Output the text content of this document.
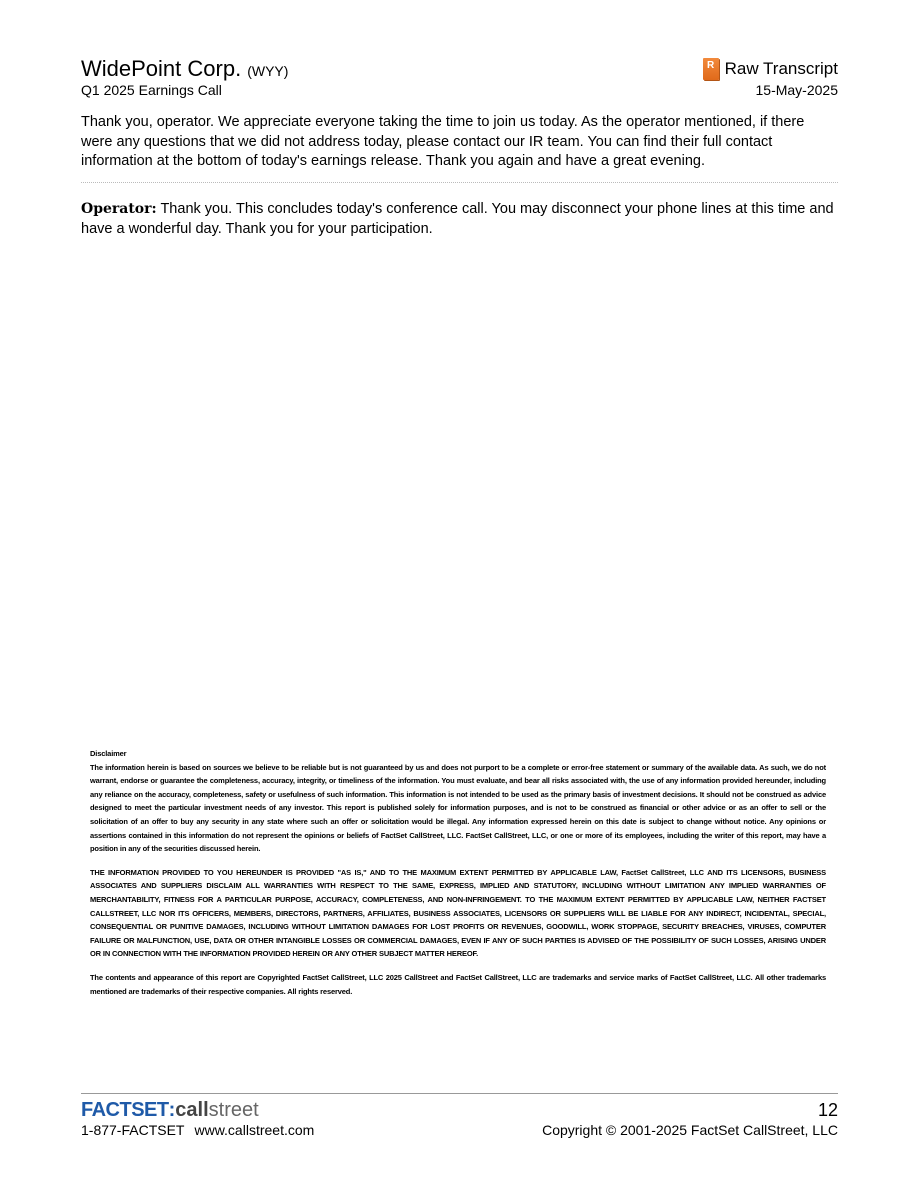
WidePoint Corp. (WYY)
Q1 2025 Earnings Call
R Raw Transcript
15-May-2025
Thank you, operator. We appreciate everyone taking the time to join us today. As the operator mentioned, if there were any questions that we did not address today, please contact our IR team. You can find their full contact information at the bottom of today's earnings release. Thank you again and have a great evening.
Operator: Thank you. This concludes today's conference call. You may disconnect your phone lines at this time and have a wonderful day. Thank you for your participation.
Disclaimer

The information herein is based on sources we believe to be reliable but is not guaranteed by us and does not purport to be a complete or error-free statement or summary of the available data. As such, we do not warrant, endorse or guarantee the completeness, accuracy, integrity, or timeliness of the information. You must evaluate, and bear all risks associated with, the use of any information provided hereunder, including any reliance on the accuracy, completeness, safety or usefulness of such information. This information is not intended to be used as the primary basis of investment decisions. It should not be construed as advice designed to meet the particular investment needs of any investor. This report is published solely for information purposes, and is not to be construed as financial or other advice or as an offer to sell or the solicitation of an offer to buy any security in any state where such an offer or solicitation would be illegal. Any information expressed herein on this date is subject to change without notice. Any opinions or assertions contained in this information do not represent the opinions or beliefs of FactSet CallStreet, LLC. FactSet CallStreet, LLC, or one or more of its employees, including the writer of this report, may have a position in any of the securities discussed herein.

THE INFORMATION PROVIDED TO YOU HEREUNDER IS PROVIDED "AS IS," AND TO THE MAXIMUM EXTENT PERMITTED BY APPLICABLE LAW, FactSet CallStreet, LLC AND ITS LICENSORS, BUSINESS ASSOCIATES AND SUPPLIERS DISCLAIM ALL WARRANTIES WITH RESPECT TO THE SAME, EXPRESS, IMPLIED AND STATUTORY, INCLUDING WITHOUT LIMITATION ANY IMPLIED WARRANTIES OF MERCHANTABILITY, FITNESS FOR A PARTICULAR PURPOSE, ACCURACY, COMPLETENESS, AND NON-INFRINGEMENT. TO THE MAXIMUM EXTENT PERMITTED BY APPLICABLE LAW, NEITHER FACTSET CALLSTREET, LLC NOR ITS OFFICERS, MEMBERS, DIRECTORS, PARTNERS, AFFILIATES, BUSINESS ASSOCIATES, LICENSORS OR SUPPLIERS WILL BE LIABLE FOR ANY INDIRECT, INCIDENTAL, SPECIAL, CONSEQUENTIAL OR PUNITIVE DAMAGES, INCLUDING WITHOUT LIMITATION DAMAGES FOR LOST PROFITS OR REVENUES, GOODWILL, WORK STOPPAGE, SECURITY BREACHES, VIRUSES, COMPUTER FAILURE OR MALFUNCTION, USE, DATA OR OTHER INTANGIBLE LOSSES OR COMMERCIAL DAMAGES, EVEN IF ANY OF SUCH PARTIES IS ADVISED OF THE POSSIBILITY OF SUCH LOSSES, ARISING UNDER OR IN CONNECTION WITH THE INFORMATION PROVIDED HEREIN OR ANY OTHER SUBJECT MATTER HEREOF.

The contents and appearance of this report are Copyrighted FactSet CallStreet, LLC 2025 CallStreet and FactSet CallStreet, LLC are trademarks and service marks of FactSet CallStreet, LLC. All other trademarks mentioned are trademarks of their respective companies. All rights reserved.

FACTSET:callstreet	12
1-877-FACTSET www.callstreet.com	Copyright © 2001-2025 FactSet CallStreet, LLC
